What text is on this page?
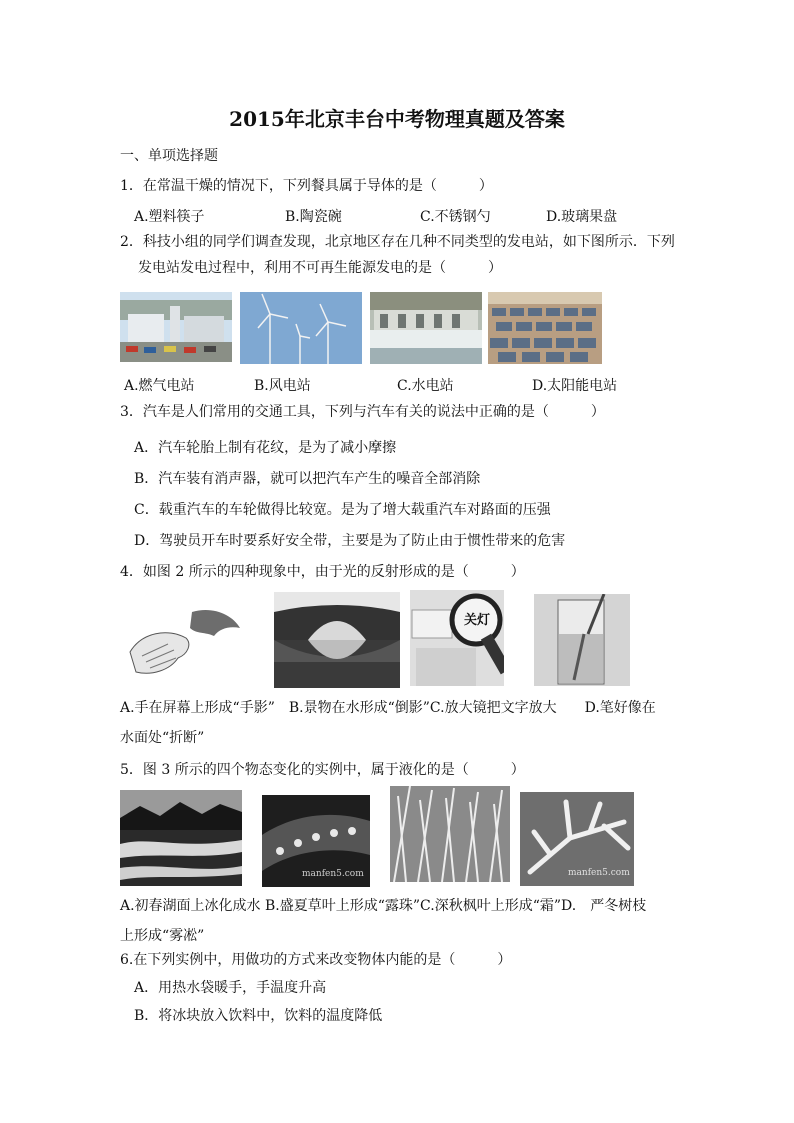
2015年北京丰台中考物理真题及答案
一、单项选择题
1．在常温干燥的情况下，下列餐具属于导体的是（　　　）
A.塑料筷子	B.陶瓷碗	C.不锈钢勺	D.玻璃果盘
2．科技小组的同学们调查发现，北京地区存在几种不同类型的发电站，如下图所示．下列
发电站发电过程中，利用不可再生能源发电的是（　　　）
A.燃气电站	B.风电站	C.水电站	D.太阳能电站
3．汽车是人们常用的交通工具，下列与汽车有关的说法中正确的是（　　　）
A．汽车轮胎上制有花纹，是为了减小摩擦
B．汽车装有消声器，就可以把汽车产生的噪音全部消除
C．载重汽车的车轮做得比较宽。是为了增大载重汽车对路面的压强
D．驾驶员开车时要系好安全带，主要是为了防止由于惯性带来的危害
4．如图 2 所示的四种现象中，由于光的反射形成的是（　　　）
关灯
A.手在屏幕上形成“手影”　B.景物在水形成“倒影”C.放大镜把文字放大　　D.笔好像在
水面处“折断”
5．图 3 所示的四个物态变化的实例中，属于液化的是（　　　）
manfen5.com	manfen5.com
A.初春湖面上冰化成水 B.盛夏草叶上形成“露珠”C.深秋枫叶上形成“霜”D.　严冬树枝
上形成“雾凇”
6.在下列实例中，用做功的方式来改变物体内能的是（　　　）
A．用热水袋暖手，手温度升高
B．将冰块放入饮料中，饮料的温度降低
